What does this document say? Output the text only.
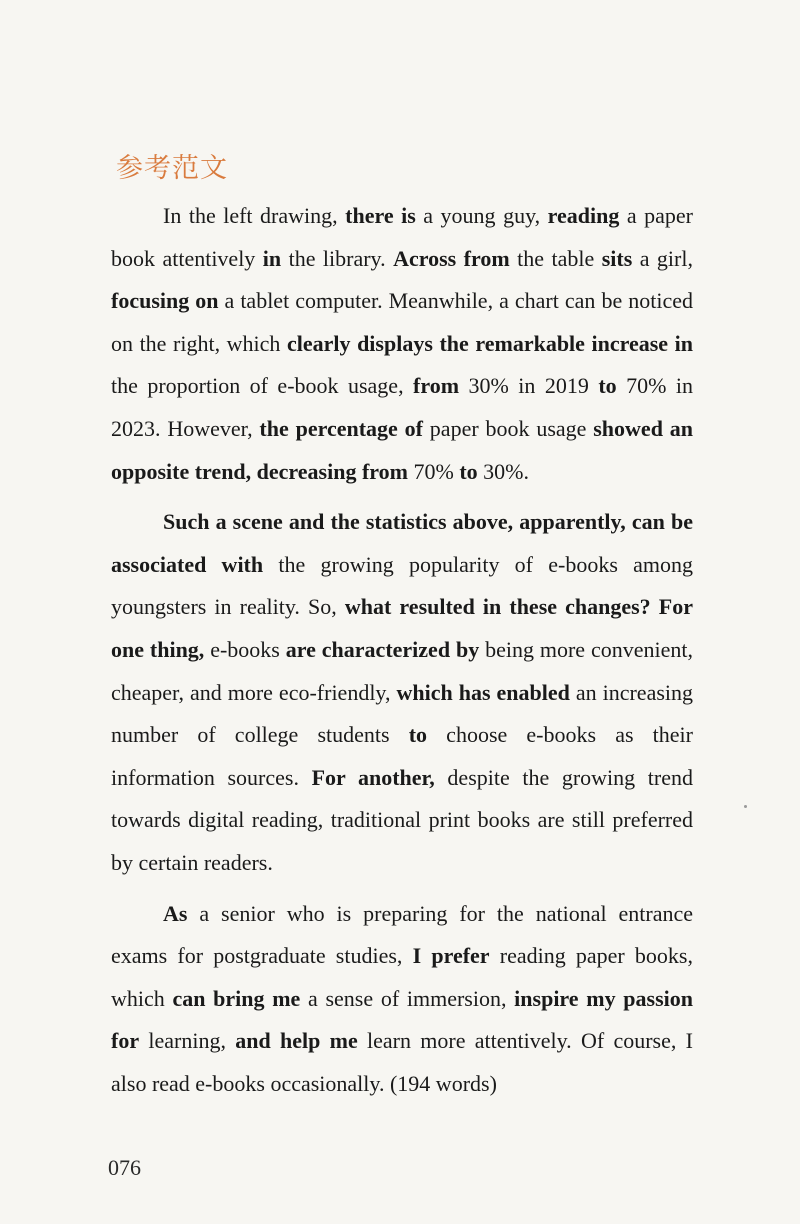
参考范文

In the left drawing, there is a young guy, reading a paper book attentively in the library. Across from the table sits a girl, focusing on a tablet computer. Meanwhile, a chart can be noticed on the right, which clearly displays the remarkable increase in the proportion of e-book usage, from 30% in 2019 to 70% in 2023. However, the percentage of paper book usage showed an opposite trend, decreasing from 70% to 30%.

Such a scene and the statistics above, apparently, can be associated with the growing popularity of e-books among youngsters in reality. So, what resulted in these changes? For one thing, e-books are characterized by being more convenient, cheaper, and more eco-friendly, which has enabled an increasing number of college students to choose e-books as their information sources. For another, despite the growing trend towards digital reading, traditional print books are still preferred by certain readers.

As a senior who is preparing for the national entrance exams for postgraduate studies, I prefer reading paper books, which can bring me a sense of immersion, inspire my passion for learning, and help me learn more attentively. Of course, I also read e-books occasionally. (194 words)

076
